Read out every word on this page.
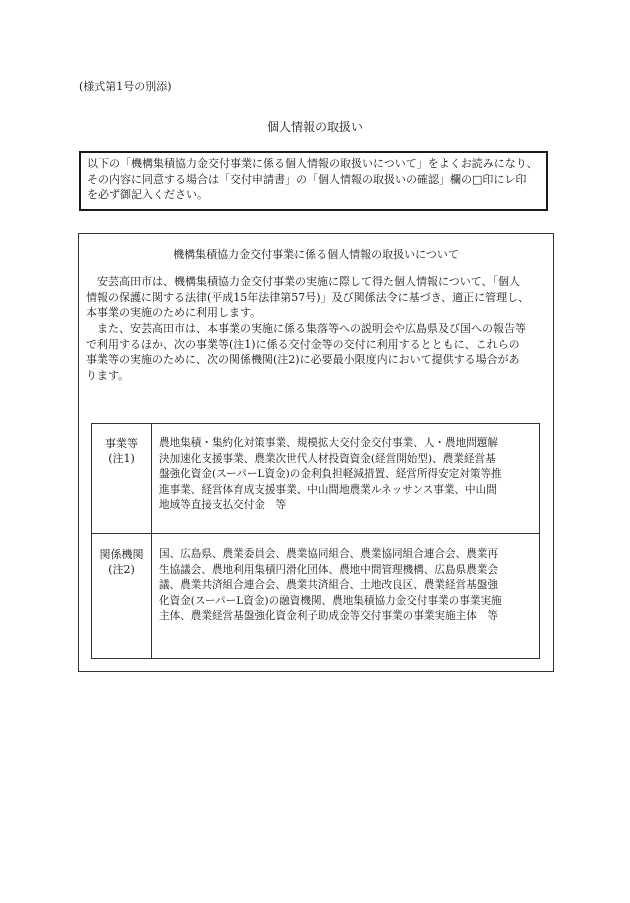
(様式第1号の別添)
個人情報の取扱い
以下の「機構集積協力金交付事業に係る個人情報の取扱いについて」をよくお読みになり、
その内容に同意する場合は「交付申請書」の「個人情報の取扱いの確認」欄の□印にレ印
を必ず御記入ください。
機構集積協力金交付事業に係る個人情報の取扱いについて
　安芸高田市は、機構集積協力金交付事業の実施に際して得た個人情報について、「個人
情報の保護に関する法律(平成15年法律第57号)」及び関係法令に基づき、適正に管理し、
本事業の実施のために利用します。
　また、安芸高田市は、本事業の実施に係る集落等への説明会や広島県及び国への報告等
で利用するほか、次の事業等(注1)に係る交付金等の交付に利用するとともに、これらの
事業等の実施のために、次の関係機関(注2)に必要最小限度内において提供する場合があ
ります。
事業等
(注1)
農地集積・集約化対策事業、規模拡大交付金交付事業、人・農地問題解
決加速化支援事業、農業次世代人材投資資金(経営開始型)、農業経営基
盤強化資金(スーパーL資金)の金利負担軽減措置、経営所得安定対策等推
進事業、経営体育成支援事業、中山間地農業ルネッサンス事業、中山間
地域等直接支払交付金　等
関係機関
(注2)
国、広島県、農業委員会、農業協同組合、農業協同組合連合会、農業再
生協議会、農地利用集積円滑化団体、農地中間管理機構、広島県農業会
議、農業共済組合連合会、農業共済組合、土地改良区、農業経営基盤強
化資金(スーパーL資金)の融資機関、農地集積協力金交付事業の事業実施
主体、農業経営基盤強化資金利子助成金等交付事業の事業実施主体　等
